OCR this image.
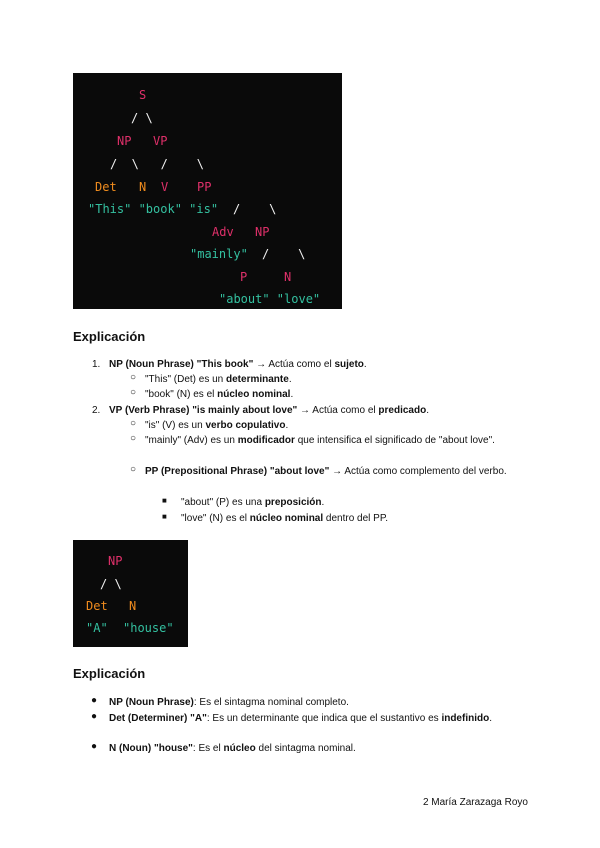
S
/ \
NP VP
/  \   /    \
Det N V PP
"This" "book" "is" /    \
Adv NP
"mainly" /    \
P	N
"about" "love"
Explicación
1. NP (Noun Phrase) "This book" → Actúa como el sujeto.
○ "This" (Det) es un determinante.
○ "book" (N) es el núcleo nominal.
2. VP (Verb Phrase) "is mainly about love" → Actúa como el predicado.
○ "is" (V) es un verbo copulativo.
○ "mainly" (Adv) es un modificador que intensifica el significado de "about love".
○ PP (Prepositional Phrase) "about love" → Actúa como complemento del verbo.
■ "about" (P) es una preposición.
■ "love" (N) es el núcleo nominal dentro del PP.
NP
/ \
Det N
"A" "house"
Explicación
● NP (Noun Phrase): Es el sintagma nominal completo.
● Det (Determiner) "A": Es un determinante que indica que el sustantivo es indefinido.
● N (Noun) "house": Es el núcleo del sintagma nominal.
2 María Zarazaga Royo
